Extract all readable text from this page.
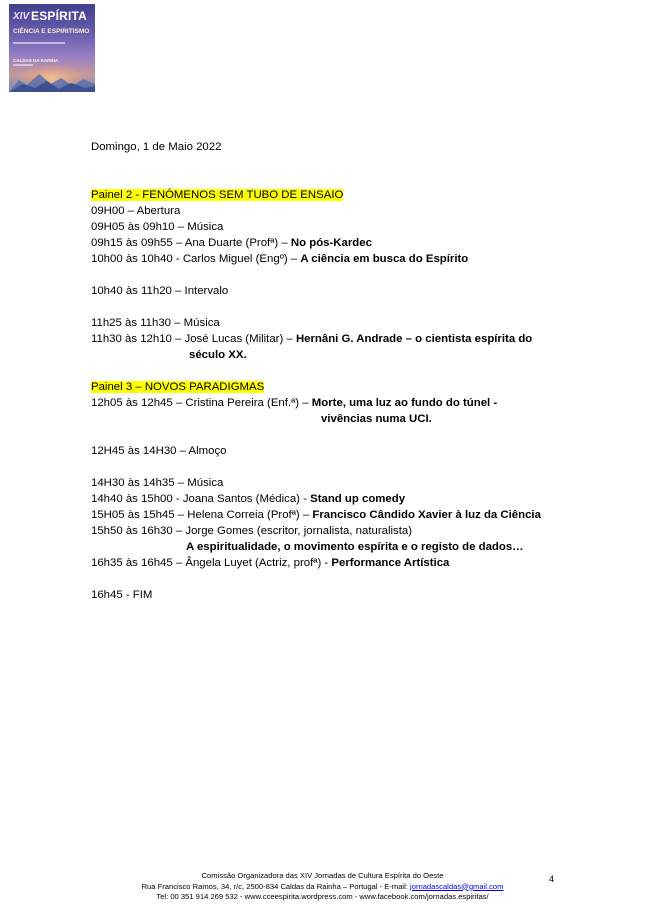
XIV ESPÍRITA
CIÊNCIA E ESPIRITISMO
CALDAS DA RAINHA
Domingo, 1 de Maio 2022
Painel 2 - FENÓMENOS SEM TUBO DE ENSAIO
09H00 – Abertura
09H05 às 09h10 – Música
09h15 às 09h55 – Ana Duarte (Profª) – No pós-Kardec
10h00 às 10h40 - Carlos Miguel (Engº) – A ciência em busca do Espírito
10h40 às 11h20 – Intervalo
11h25 às 11h30 – Música
11h30 às 12h10 – José Lucas (Militar) – Hernâni G. Andrade – o cientista espírita do
século XX.
Painel 3 – NOVOS PARADIGMAS
12h05 às 12h45 – Cristina Pereira (Enf.ª) – Morte, uma luz ao fundo do túnel -
vivências numa UCI.
12H45 às 14H30 – Almoço
14H30 às 14h35 – Música
14h40 às 15h00 - Joana Santos (Médica) - Stand up comedy
15H05 às 15h45 – Helena Correia (Profª) – Francisco Cândido Xavier à luz da Ciência
15h50 às 16h30 – Jorge Gomes (escritor, jornalista, naturalista)
A espiritualidade, o movimento espírita e o registo de dados…
16h35 às 16h45 – Ângela Luyet (Actriz, profª) - Performance Artística
16h45 - FIM
Comissão Organizadora das XIV Jornadas de Cultura Espírita do Oeste
Rua Francisco Ramos, 34, r/c, 2500-834 Caldas da Rainha – Portugal - E-mail: jornadascaldas@gmail.com
Tel: 00 351 914 269 532 - www.cceespirita.wordpress.com - www.facebook.com/jornadas.espiritas/
4
